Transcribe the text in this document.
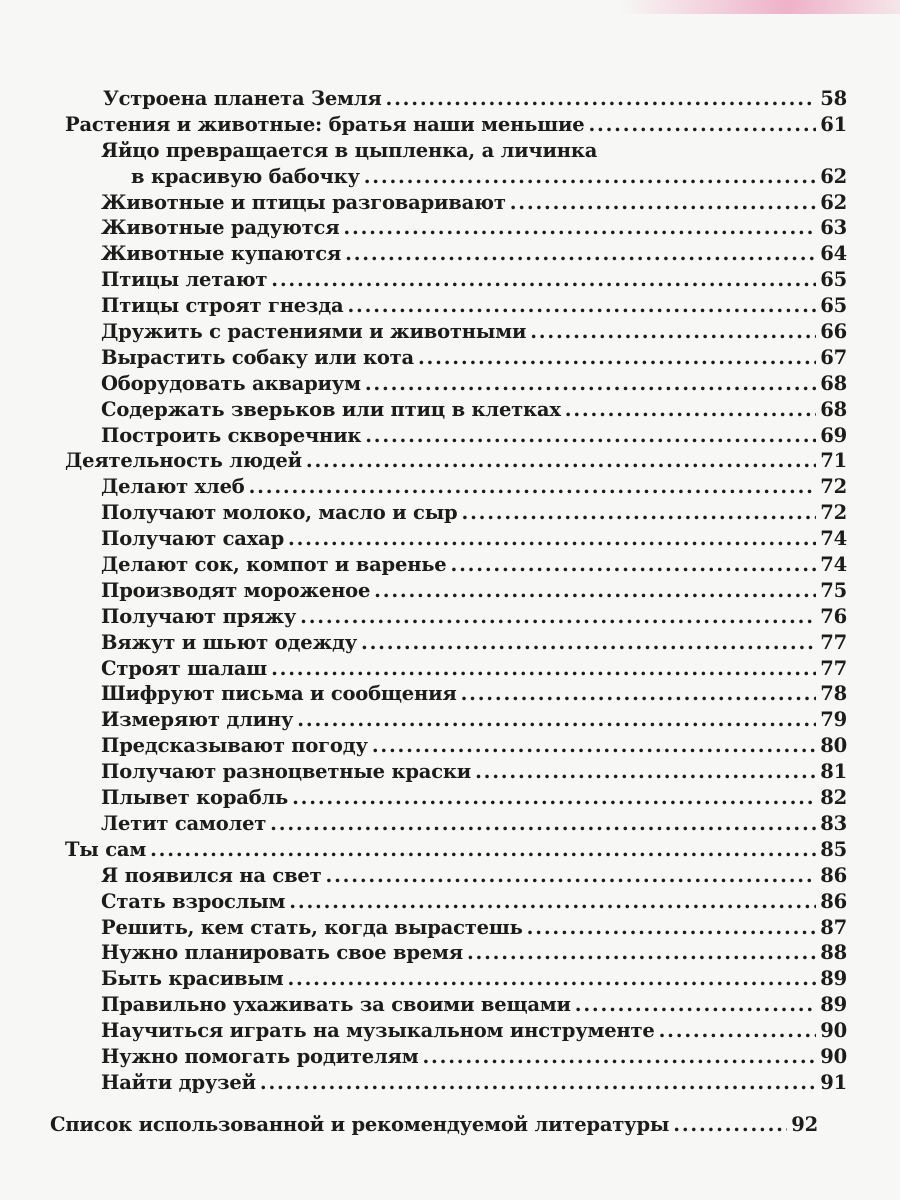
Устроена планета Земля . . .	58
Растения и животные: братья наши меньшие . . .	61
Яйцо превращается в цыпленка, а личинка
в красивую бабочку . . .	62
Животные и птицы разговаривают . . .	62
Животные радуются . . .	63
Животные купаются . . .	64
Птицы летают . . .	65
Птицы строят гнезда . . .	65
Дружить с растениями и животными . . .	66
Вырастить собаку или кота . . .	67
Оборудовать аквариум . . .	68
Содержать зверьков или птиц в клетках . . .	68
Построить скворечник . . .	69
Деятельность людей . . .	71
Делают хлеб . . .	72
Получают молоко, масло и сыр . . .	72
Получают сахар . . .	74
Делают сок, компот и варенье . . .	74
Производят мороженое . . .	75
Получают пряжу . . .	76
Вяжут и шьют одежду . . .	77
Строят шалаш . . .	77
Шифруют письма и сообщения . . .	78
Измеряют длину . . .	79
Предсказывают погоду . . .	80
Получают разноцветные краски . . .	81
Плывет корабль . . .	82
Летит самолет . . .	83
Ты сам . . .	85
Я появился на свет . . .	86
Стать взрослым . . .	86
Решить, кем стать, когда вырастешь . . .	87
Нужно планировать свое время . . .	88
Быть красивым . . .	89
Правильно ухаживать за своими вещами . . .	89
Научиться играть на музыкальном инструменте . . .	90
Нужно помогать родителям . . .	90
Найти друзей . . .	91
Список использованной и рекомендуемой литературы . . .	92
